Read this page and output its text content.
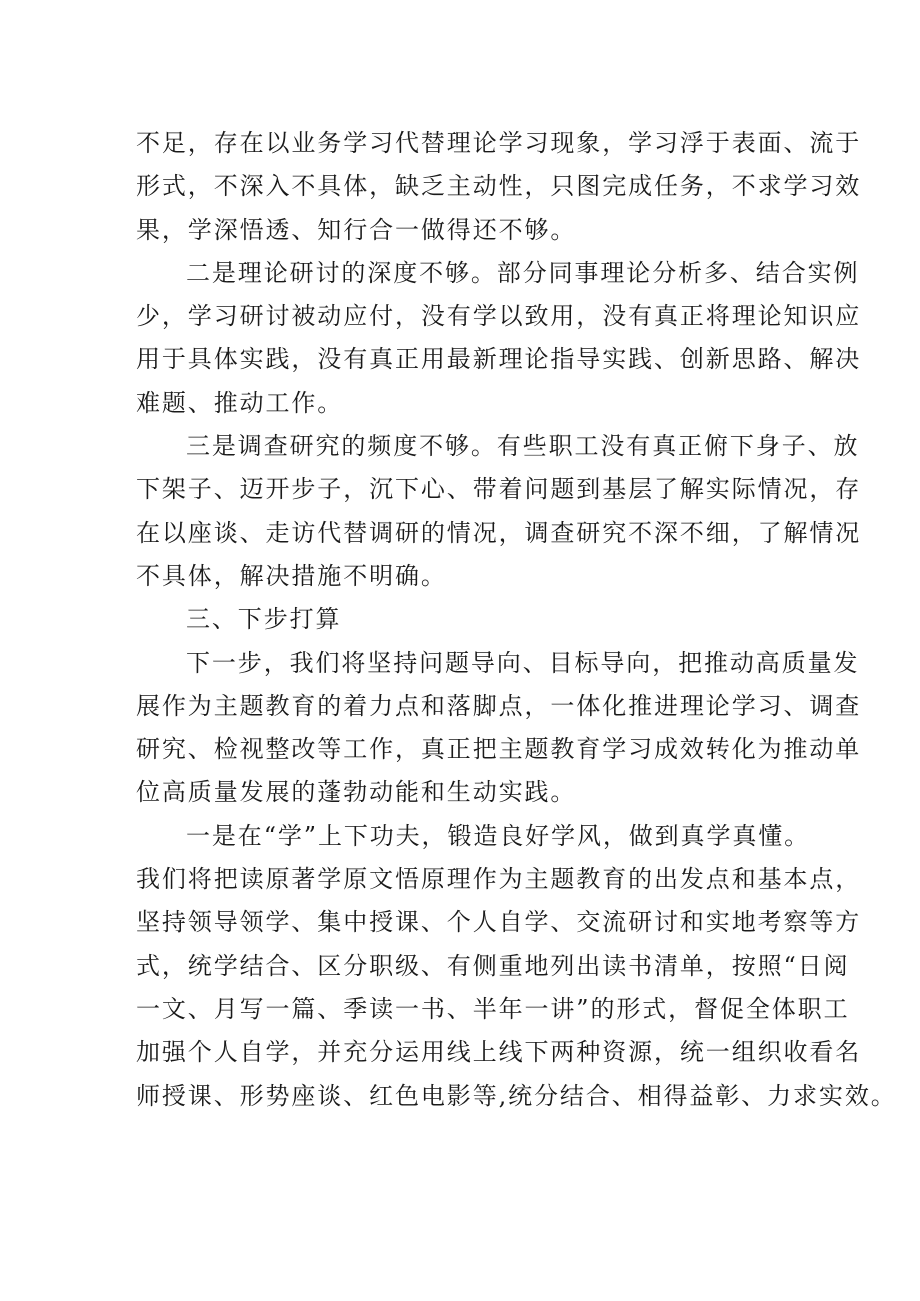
不足，存在以业务学习代替理论学习现象，学习浮于表面、流于
形式，不深入不具体，缺乏主动性，只图完成任务，不求学习效
果，学深悟透、知行合一做得还不够。
二是理论研讨的深度不够。部分同事理论分析多、结合实例
少，学习研讨被动应付，没有学以致用，没有真正将理论知识应
用于具体实践，没有真正用最新理论指导实践、创新思路、解决
难题、推动工作。
三是调查研究的频度不够。有些职工没有真正俯下身子、放
下架子、迈开步子，沉下心、带着问题到基层了解实际情况，存
在以座谈、走访代替调研的情况，调查研究不深不细，了解情况
不具体，解决措施不明确。
三、下步打算
下一步，我们将坚持问题导向、目标导向，把推动高质量发
展作为主题教育的着力点和落脚点，一体化推进理论学习、调查
研究、检视整改等工作，真正把主题教育学习成效转化为推动单
位高质量发展的蓬勃动能和生动实践。
一是在“学”上下功夫，锻造良好学风，做到真学真懂。
我们将把读原著学原文悟原理作为主题教育的出发点和基本点，
坚持领导领学、集中授课、个人自学、交流研讨和实地考察等方
式，统学结合、区分职级、有侧重地列出读书清单，按照“日阅
一文、月写一篇、季读一书、半年一讲”的形式，督促全体职工
加强个人自学，并充分运用线上线下两种资源，统一组织收看名
师授课、形势座谈、红色电影等,统分结合、相得益彰、力求实效。
